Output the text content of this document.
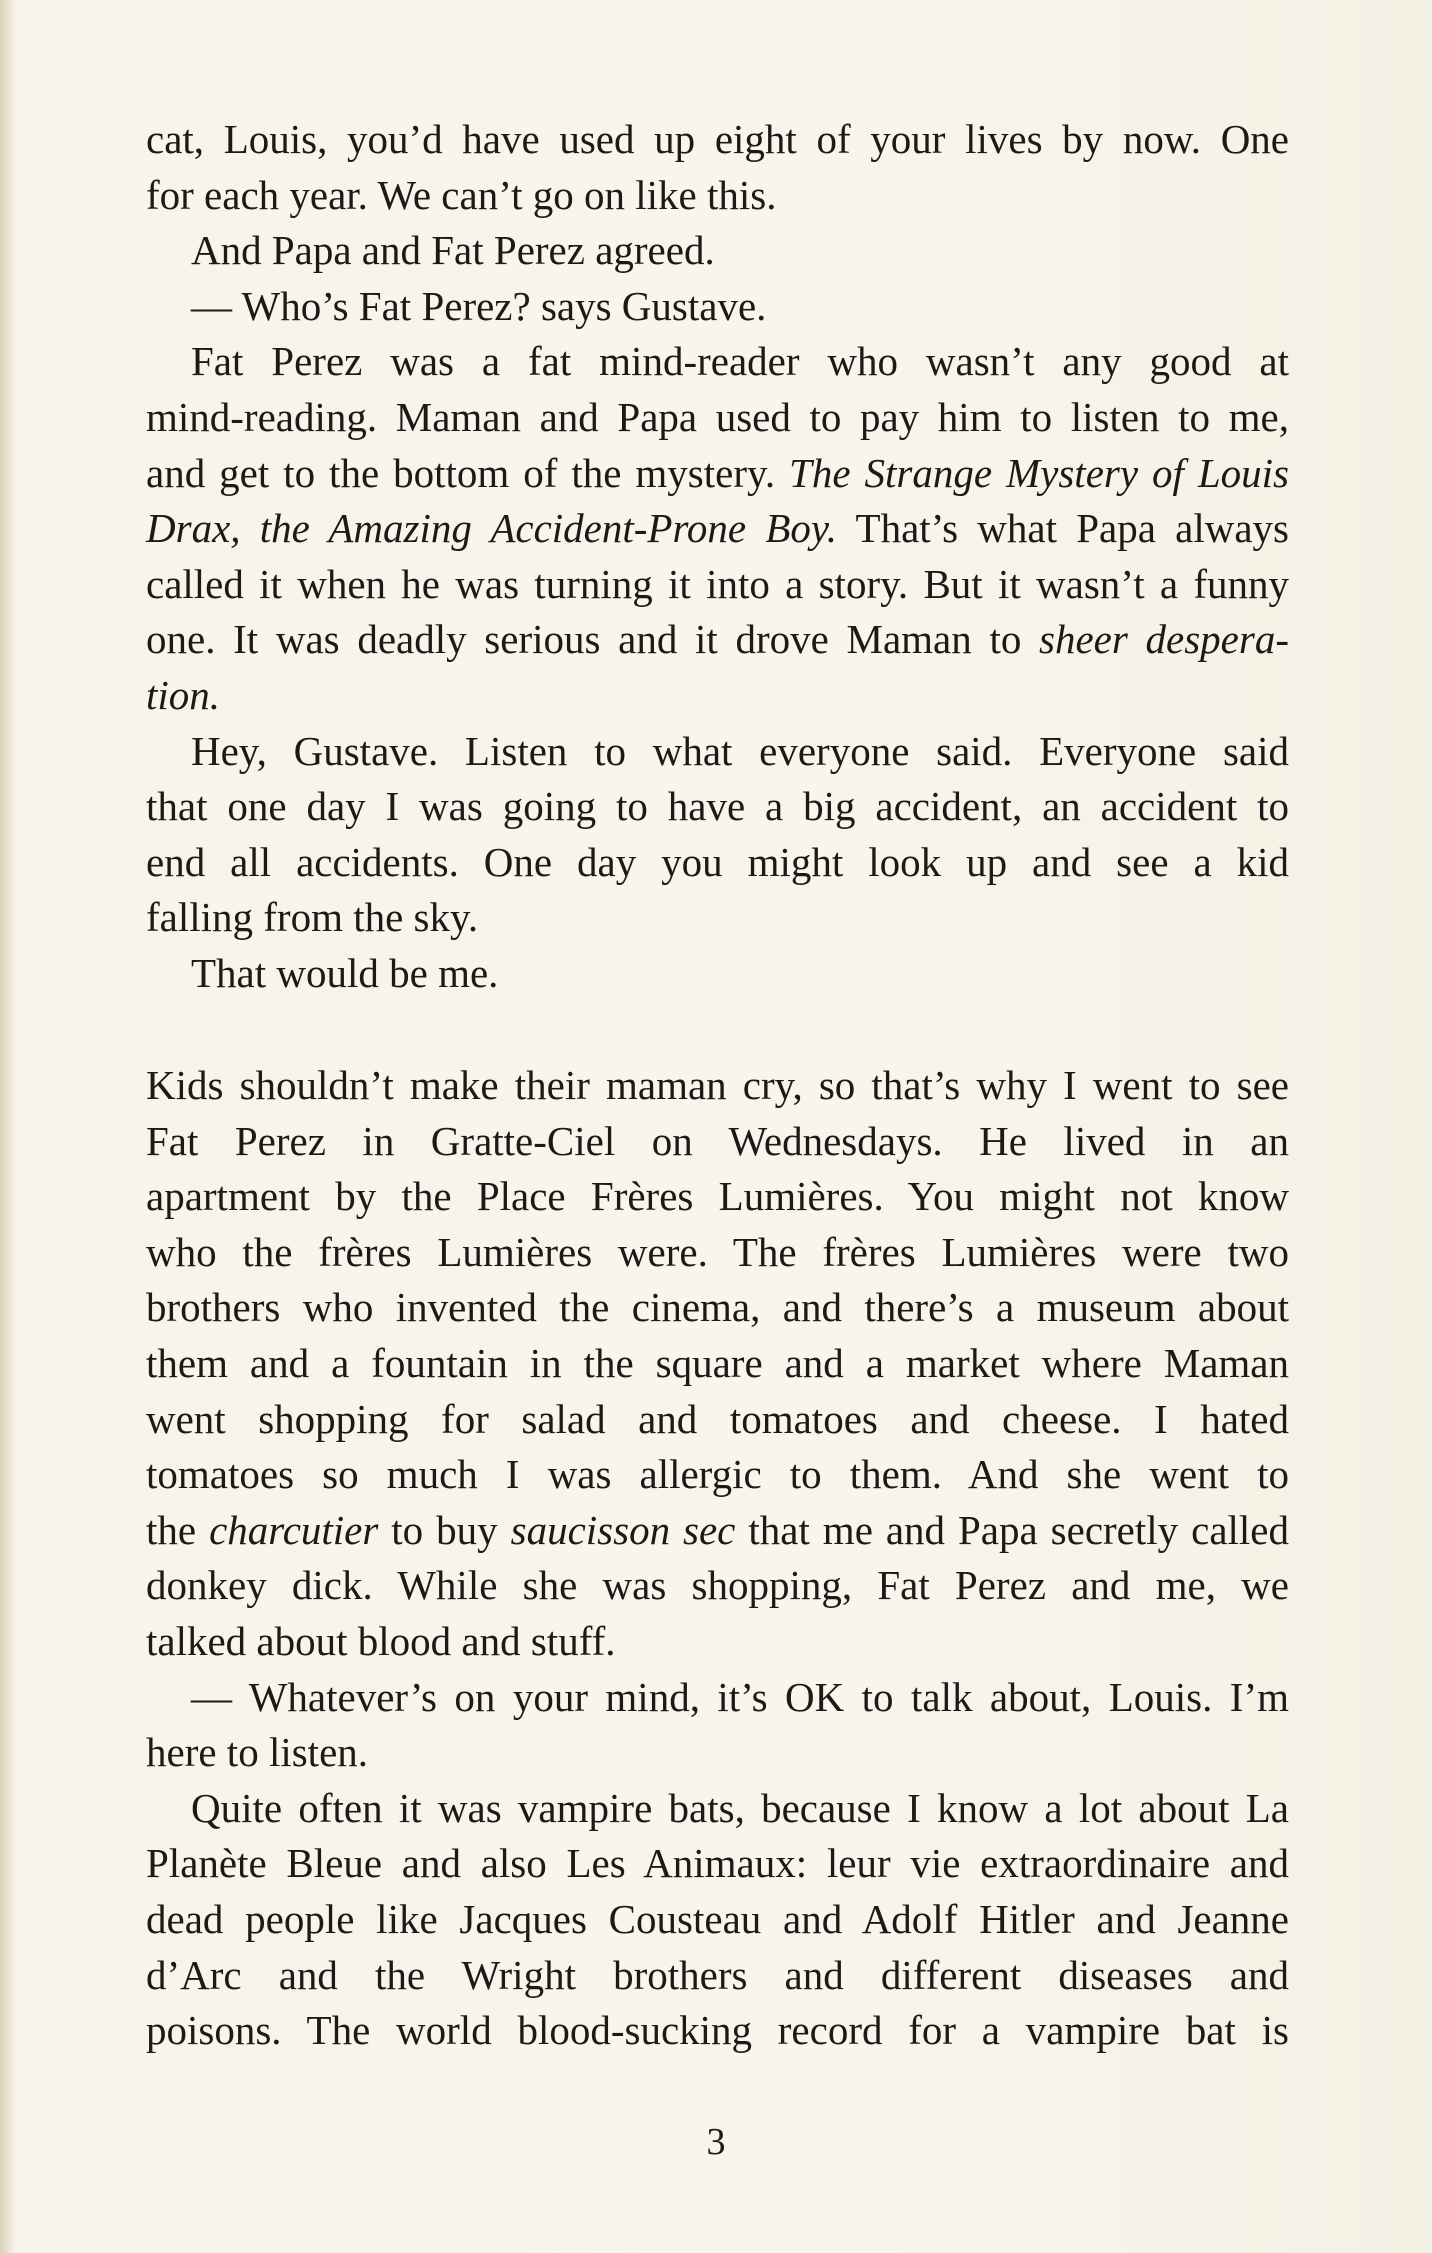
cat, Louis, you’d have used up eight of your lives by now. One
for each year. We can’t go on like this.
And Papa and Fat Perez agreed.
— Who’s Fat Perez? says Gustave.
Fat Perez was a fat mind-reader who wasn’t any good at
mind-reading. Maman and Papa used to pay him to listen to me,
and get to the bottom of the mystery. The Strange Mystery of Louis
Drax, the Amazing Accident-Prone Boy. That’s what Papa always
called it when he was turning it into a story. But it wasn’t a funny
one. It was deadly serious and it drove Maman to sheer despera-
tion.
Hey, Gustave. Listen to what everyone said. Everyone said
that one day I was going to have a big accident, an accident to
end all accidents. One day you might look up and see a kid
falling from the sky.
That would be me.
Kids shouldn’t make their maman cry, so that’s why I went to see
Fat Perez in Gratte-Ciel on Wednesdays. He lived in an
apartment by the Place Frères Lumières. You might not know
who the frères Lumières were. The frères Lumières were two
brothers who invented the cinema, and there’s a museum about
them and a fountain in the square and a market where Maman
went shopping for salad and tomatoes and cheese. I hated
tomatoes so much I was allergic to them. And she went to
the charcutier to buy saucisson sec that me and Papa secretly called
donkey dick. While she was shopping, Fat Perez and me, we
talked about blood and stuff.
— Whatever’s on your mind, it’s OK to talk about, Louis. I’m
here to listen.
Quite often it was vampire bats, because I know a lot about La
Planète Bleue and also Les Animaux: leur vie extraordinaire and
dead people like Jacques Cousteau and Adolf Hitler and Jeanne
d’Arc and the Wright brothers and different diseases and
poisons. The world blood-sucking record for a vampire bat is
3
